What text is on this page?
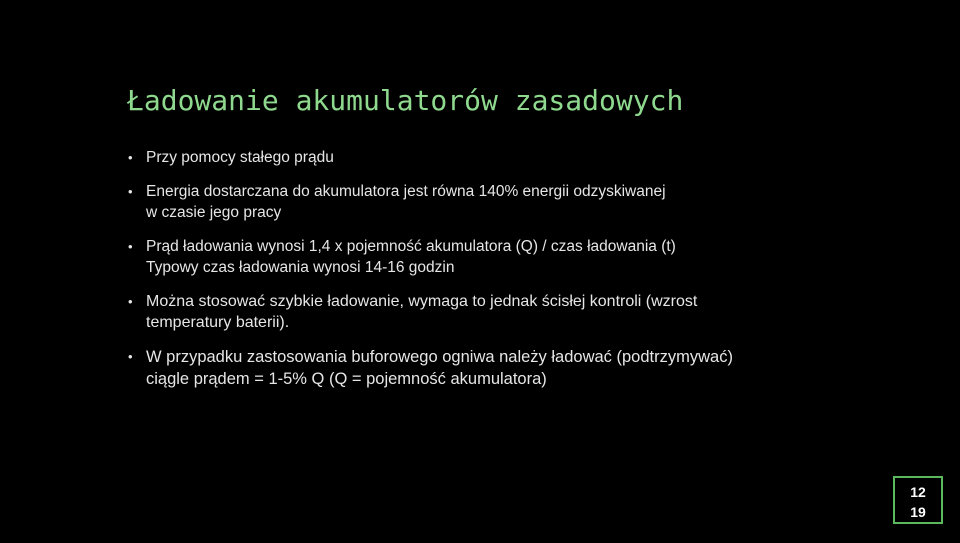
Ładowanie akumulatorów zasadowych
• Przy pomocy stałego prądu
• Energia dostarczana do akumulatora jest równa 140% energii odzyskiwanej
w czasie jego pracy
• Prąd ładowania wynosi 1,4 x pojemność akumulatora (Q) / czas ładowania (t)
Typowy czas ładowania wynosi 14-16 godzin
• Można stosować szybkie ładowanie, wymaga to jednak ścisłej kontroli (wzrost
temperatury baterii).
• W przypadku zastosowania buforowego ogniwa należy ładować (podtrzymywać)
ciągle prądem = 1-5% Q (Q = pojemność akumulatora)
12
19
